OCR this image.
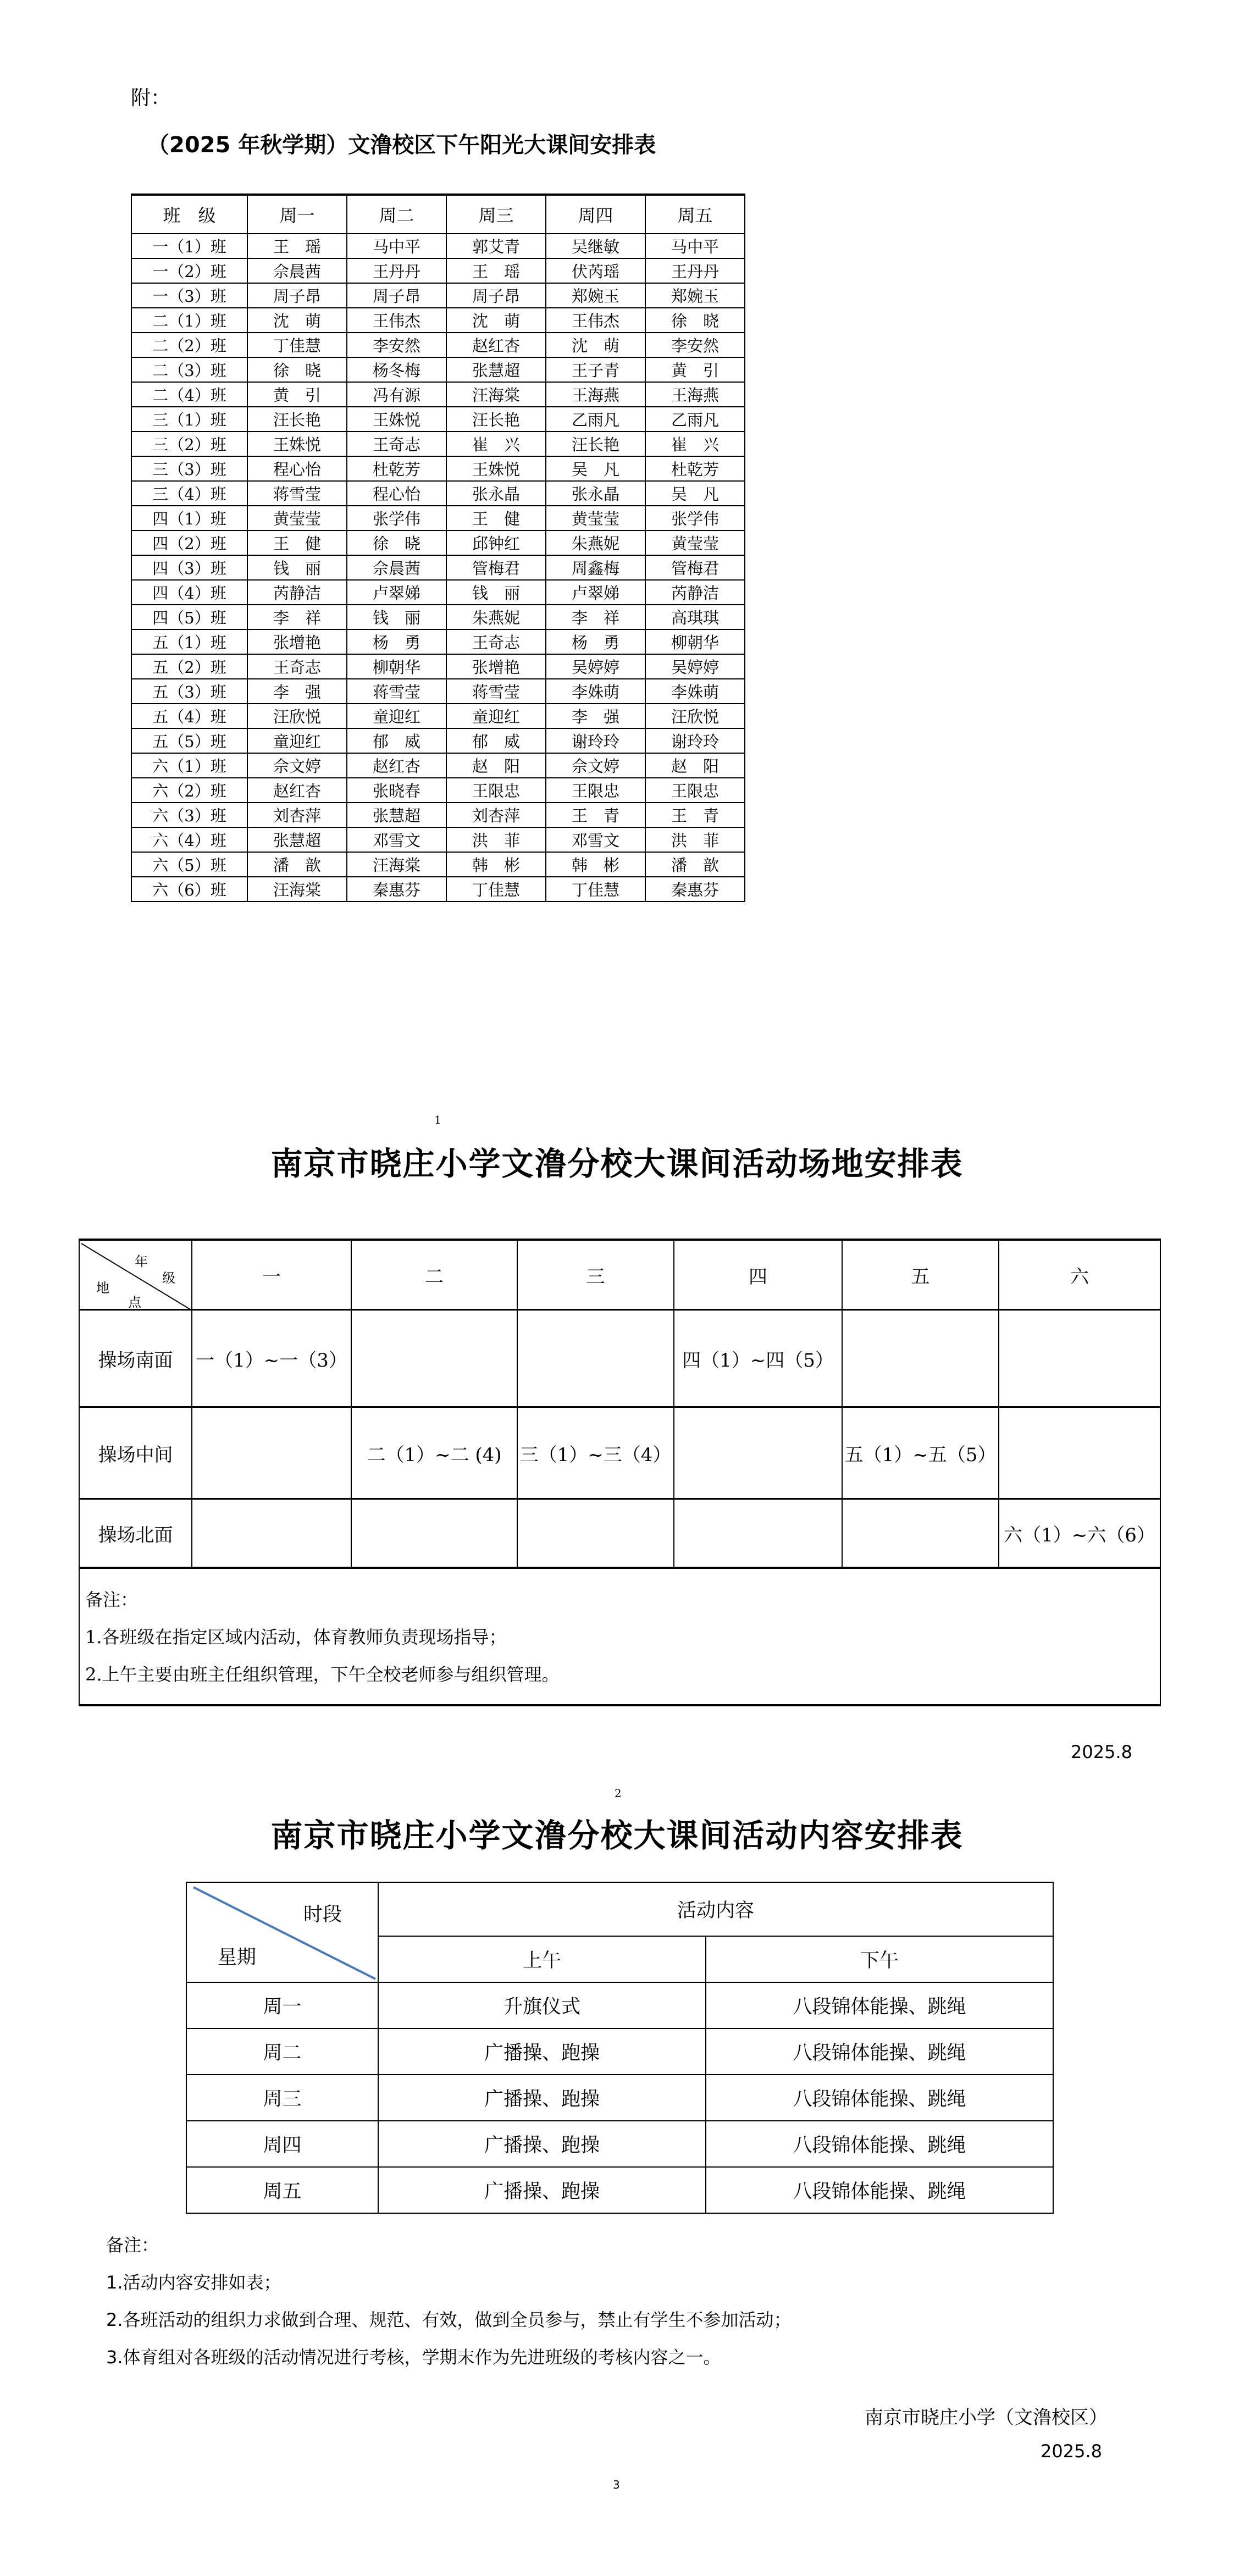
附：
（2025 年秋学期）文澛校区下午阳光大课间安排表
班　级	周一	周二	周三	周四	周五
一（1）班	王　瑶	马中平	郭艾青	吴继敏	马中平
一（2）班	佘晨茜	王丹丹	王　瑶	伏芮瑶	王丹丹
一（3）班	周子昂	周子昂	周子昂	郑婉玉	郑婉玉
二（1）班	沈　萌	王伟杰	沈　萌	王伟杰	徐　晓
二（2）班	丁佳慧	李安然	赵红杏	沈　萌	李安然
二（3）班	徐　晓	杨冬梅	张慧超	王子青	黄　引
二（4）班	黄　引	冯有源	汪海棠	王海燕	王海燕
三（1）班	汪长艳	王姝悦	汪长艳	乙雨凡	乙雨凡
三（2）班	王姝悦	王奇志	崔　兴	汪长艳	崔　兴
三（3）班	程心怡	杜乾芳	王姝悦	吴　凡	杜乾芳
三（4）班	蒋雪莹	程心怡	张永晶	张永晶	吴　凡
四（1）班	黄莹莹	张学伟	王　健	黄莹莹	张学伟
四（2）班	王　健	徐　晓	邱钟红	朱燕妮	黄莹莹
四（3）班	钱　丽	佘晨茜	管梅君	周鑫梅	管梅君
四（4）班	芮静洁	卢翠娣	钱　丽	卢翠娣	芮静洁
四（5）班	李　祥	钱　丽	朱燕妮	李　祥	高琪琪
五（1）班	张增艳	杨　勇	王奇志	杨　勇	柳朝华
五（2）班	王奇志	柳朝华	张增艳	吴婷婷	吴婷婷
五（3）班	李　强	蒋雪莹	蒋雪莹	李姝萌	李姝萌
五（4）班	汪欣悦	童迎红	童迎红	李　强	汪欣悦
五（5）班	童迎红	郁　威	郁　威	谢玲玲	谢玲玲
六（1）班	佘文婷	赵红杏	赵　阳	佘文婷	赵　阳
六（2）班	赵红杏	张晓春	王限忠	王限忠	王限忠
六（3）班	刘杏萍	张慧超	刘杏萍	王　青	王　青
六（4）班	张慧超	邓雪文	洪　菲	邓雪文	洪　菲
六（5）班	潘　歆	汪海棠	韩　彬	韩　彬	潘　歆
六（6）班	汪海棠	秦惠芬	丁佳慧	丁佳慧	秦惠芬
1
南京市晓庄小学文澛分校大课间活动场地安排表
年
级
地
点	一	二	三	四	五	六
操场南面	一（1）~一（3）			四（1）~四（5）		
操场中间		二（1）~二 (4)	三（1）~三（4）		五（1）~五（5）	
操场北面						六（1）~六（6）

备注：
1.各班级在指定区域内活动，体育教师负责现场指导；
2.上午主要由班主任组织管理，下午全校老师参与组织管理。						
2025.8
2
南京市晓庄小学文澛分校大课间活动内容安排表
时段
星期	活动内容	
	上午	下午
周一	升旗仪式	八段锦体能操、跳绳
周二	广播操、跑操	八段锦体能操、跳绳
周三	广播操、跑操	八段锦体能操、跳绳
周四	广播操、跑操	八段锦体能操、跳绳
周五	广播操、跑操	八段锦体能操、跳绳
备注：
1.活动内容安排如表；
2.各班活动的组织力求做到合理、规范、有效，做到全员参与，禁止有学生不参加活动；
3.体育组对各班级的活动情况进行考核，学期末作为先进班级的考核内容之一。
南京市晓庄小学（文澛校区）
2025.8
3
